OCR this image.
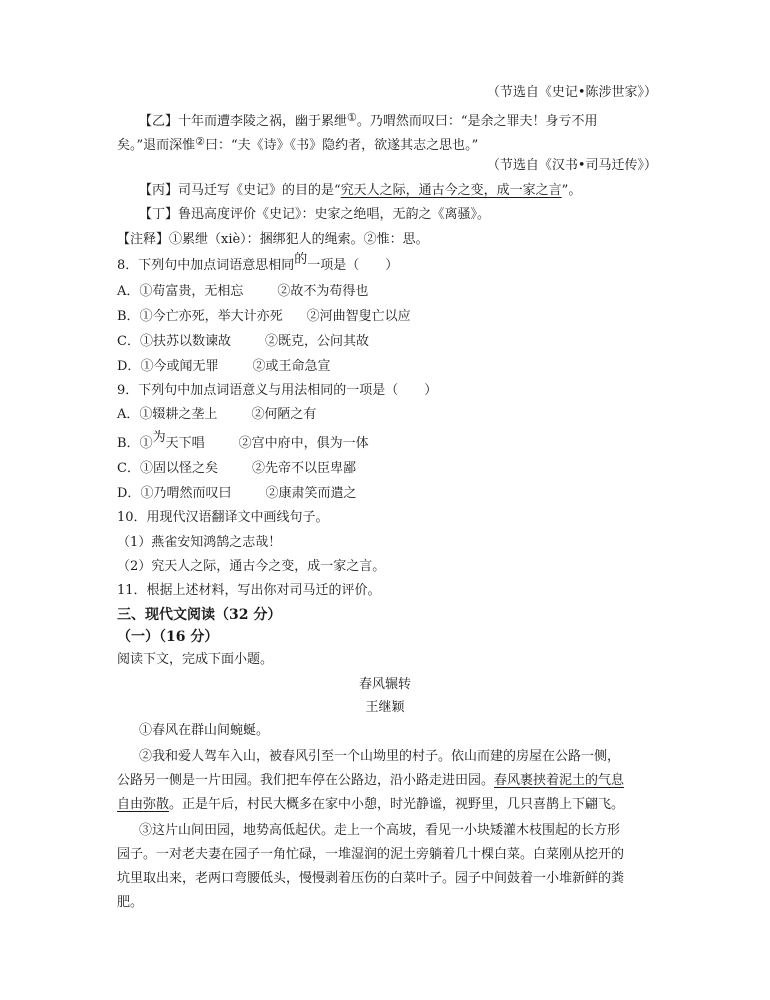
（节选自《史记•陈涉世家》）
【乙】十年而遭李陵之祸，幽于累绁①。乃喟然而叹曰：“是余之罪夫！身亏不用
矣。”退而深惟②曰：“夫《诗》《书》隐约者，欲遂其志之思也。”
（节选自《汉书•司马迁传》）
【丙】司马迁写《史记》的目的是“究天人之际，通古今之变，成一家之言”。
【丁】鲁迅高度评价《史记》：史家之绝唱，无韵之《离骚》。
【注释】①累绁（xiè）：捆绑犯人的绳索。②惟：思。
8．下列句中加点词语意思相同的一项是（　　）
A．①苟富贵，无相忘	②故不为苟得也
B．①今亡亦死，举大计亦死 ②河曲智叟亡以应
C．①扶苏以数谏故	②既克，公问其故
D．①今或闻无罪	②或王命急宣
9．下列句中加点词语意义与用法相同的一项是（　　）
A．①辍耕之垄上	②何陋之有
B．①为天下唱	②宫中府中，俱为一体
C．①固以怪之矣	②先帝不以臣卑鄙
D．①乃喟然而叹曰	②康肃笑而遣之
10．用现代汉语翻译文中画线句子。
（1）燕雀安知鸿鹄之志哉！
（2）究天人之际，通古今之变，成一家之言。
11．根据上述材料，写出你对司马迁的评价。
三、现代文阅读（32 分）
（一）（16 分）
阅读下文，完成下面小题。
春风辗转
王继颖
①春风在群山间蜿蜒。
②我和爱人驾车入山，被春风引至一个山坳里的村子。依山而建的房屋在公路一侧，
公路另一侧是一片田园。我们把车停在公路边，沿小路走进田园。春风裹挟着泥土的气息
自由弥散。正是午后，村民大概多在家中小憩，时光静谧，视野里，几只喜鹊上下翩飞。
③这片山间田园，地势高低起伏。走上一个高坡，看见一小块矮灌木枝围起的长方形
园子。一对老夫妻在园子一角忙碌，一堆湿润的泥土旁躺着几十棵白菜。白菜刚从挖开的
坑里取出来，老两口弯腰低头，慢慢剥着压伤的白菜叶子。园子中间鼓着一小堆新鲜的粪
肥。
